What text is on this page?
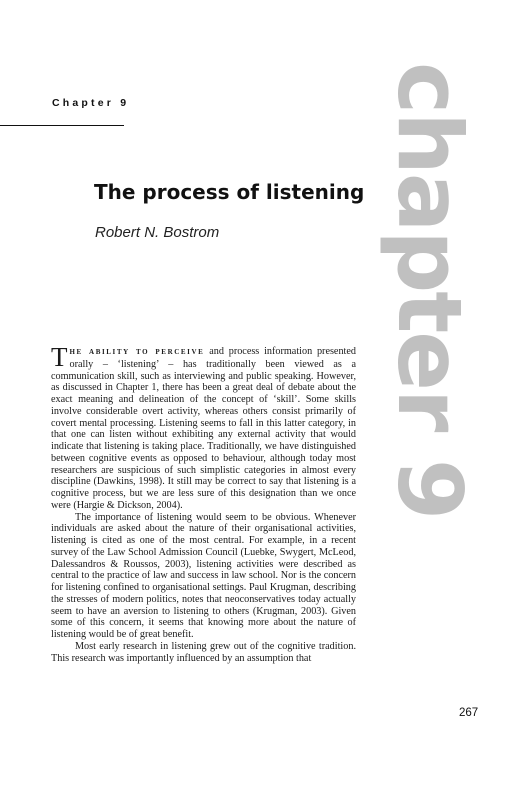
Chapter 9	chapter 9
The process of listening
Robert N. Bostrom

The ability to perceive and process information presented orally – ‘listening’ – has traditionally been viewed as a communication skill, such as interviewing and public speaking. However, as discussed in Chapter 1, there has been a great deal of debate about the exact meaning and delineation of the concept of ‘skill’. Some skills involve considerable overt activity, whereas others consist primarily of covert mental processing. Listening seems to fall in this latter category, in that one can listen without exhibiting any external activity that would indicate that listening is taking place. Traditionally, we have distinguished between cognitive events as opposed to behaviour, although today most researchers are suspicious of such simplistic categories in almost every discipline (Dawkins, 1998). It still may be correct to say that listening is a cognitive process, but we are less sure of this designation than we once were (Hargie & Dickson, 2004).

The importance of listening would seem to be obvious. Whenever individuals are asked about the nature of their organisational activities, listening is cited as one of the most central. For example, in a recent survey of the Law School Admission Council (Luebke, Swygert, McLeod, Dalessandros & Roussos, 2003), listening activities were described as central to the practice of law and success in law school. Nor is the concern for listening confined to organisational settings. Paul Krugman, describing the stresses of modern politics, notes that neoconservatives today actually seem to have an aversion to listening to others (Krugman, 2003). Given some of this concern, it seems that knowing more about the nature of listening would be of great benefit.

Most early research in listening grew out of the cognitive tradition. This research was importantly influenced by an assumption that

267
